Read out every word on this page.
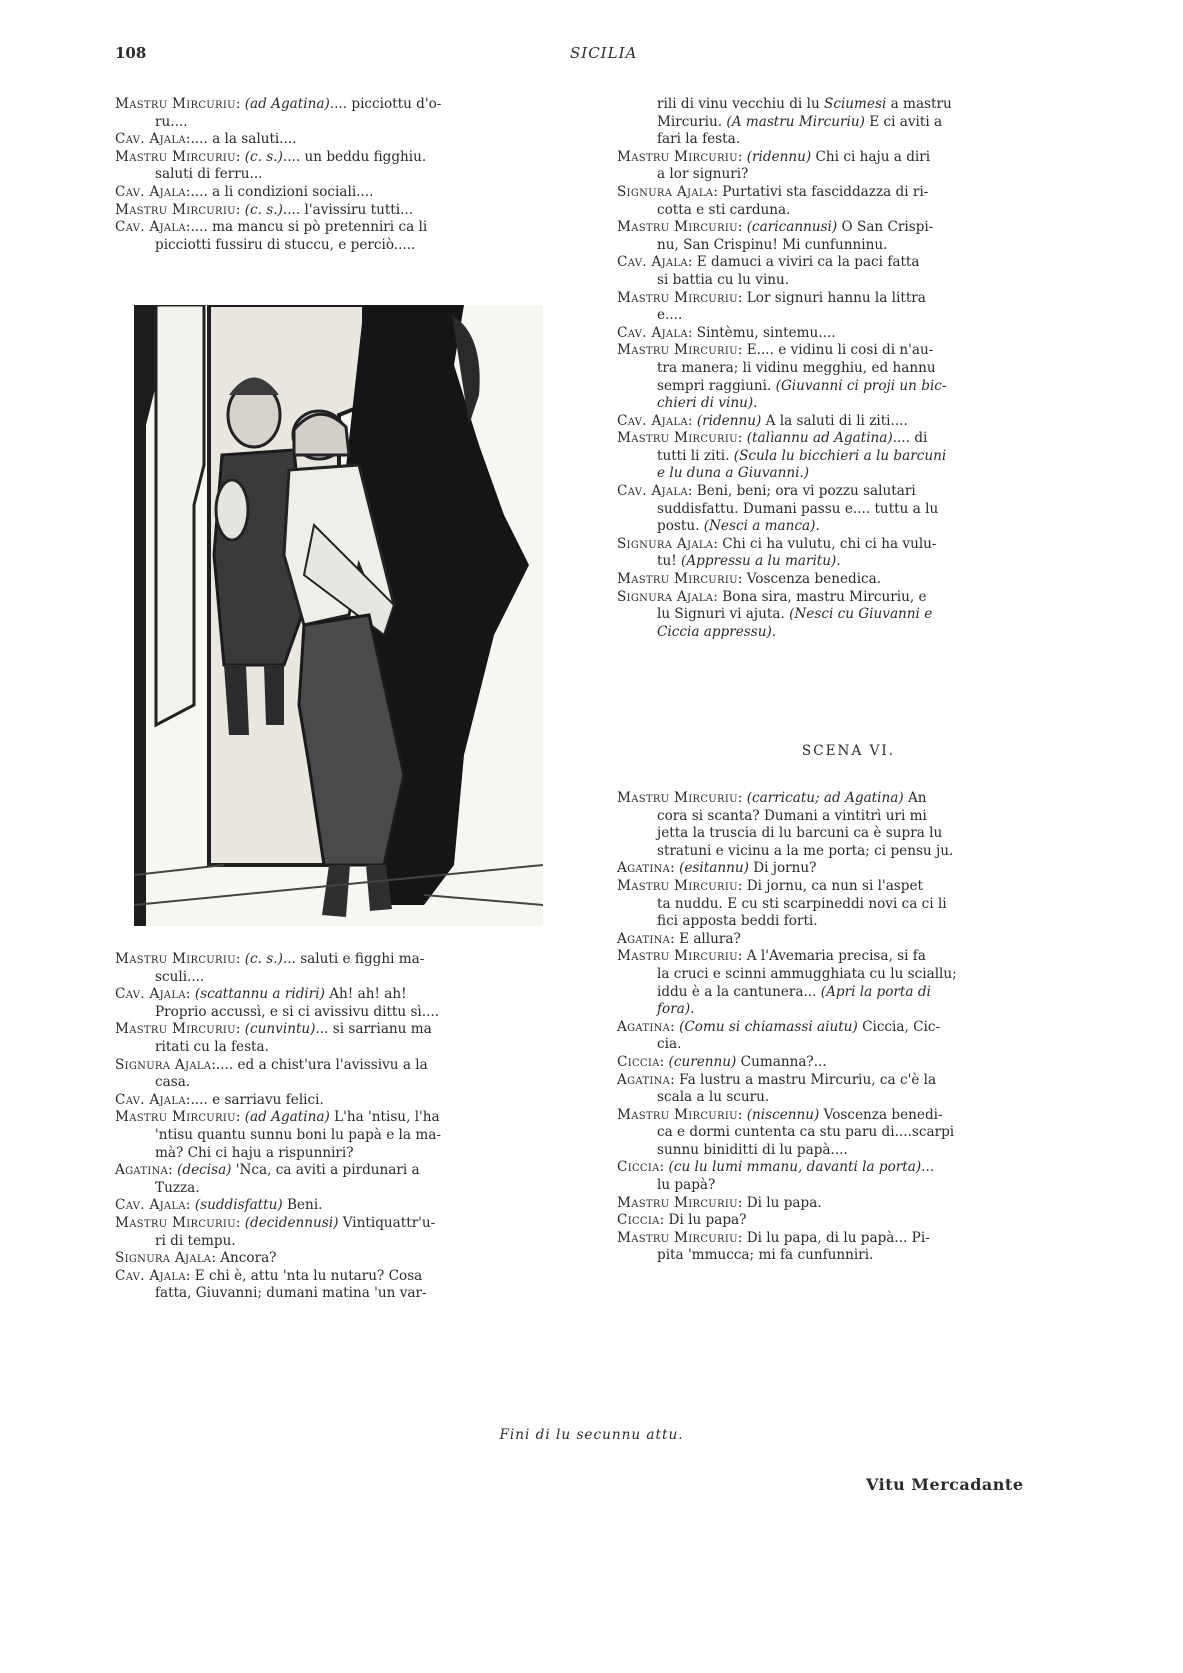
108	SICILIA
Mastru Mircuriu: (ad Agatina).... picciottu d'o-
ru....
Cav. Ajala:.... a la saluti....
Mastru Mircuriu: (c. s.).... un beddu figghiu.
saluti di ferru...
Cav. Ajala:.... a li condizioni sociali....
Mastru Mircuriu: (c. s.).... l'avissiru tutti...
Cav. Ajala:.... ma mancu si pò pretenniri ca li
picciotti fussiru di stuccu, e perciò.....
Mastru Mircuriu: (c. s.)... saluti e figghi ma-
sculi....
Cav. Ajala: (scattannu a ridiri) Ah! ah! ah!
Proprio accussì, e si ci avissivu dittu sì....
Mastru Mircuriu: (cunvintu)... si sarrianu ma
ritati cu la festa.
Signura Ajala:.... ed a chist'ura l'avissivu a la
casa.
Cav. Ajala:.... e sarriavu felici.
Mastru Mircuriu: (ad Agatina) L'ha 'ntisu, l'ha
'ntisu quantu sunnu boni lu papà e la ma-
mà? Chi ci haju a rispunniri?
Agatina: (decisa) 'Nca, ca aviti a pirdunari a
Tuzza.
Cav. Ajala: (suddisfattu) Beni.
Mastru Mircuriu: (decidennusi) Vintiquattr'u-
ri di tempu.
Signura Ajala: Ancora?
Cav. Ajala: E chi è, attu 'nta lu nutaru? Cosa
fatta, Giuvanni; dumani matina 'un var-
rili di vinu vecchiu di lu Sciumesi a mastru
Mircuriu. (A mastru Mircuriu) E ci aviti a
fari la festa.
Mastru Mircuriu: (ridennu) Chi ci haju a diri
a lor signuri?
Signura Ajala: Purtativi sta fasciddazza di ri-
cotta e sti carduna.
Mastru Mircuriu: (caricannusi) O San Crispi-
nu, San Crispinu! Mi cunfunninu.
Cav. Ajala: E damuci a viviri ca la paci fatta
si battia cu lu vinu.
Mastru Mircuriu: Lor signuri hannu la littra
e....
Cav. Ajala: Sintèmu, sintemu....
Mastru Mircuriu: E.... e vidinu li cosi di n'au-
tra manera; li vidinu megghiu, ed hannu
sempri raggiuni. (Giuvanni ci proji un bic-
chieri di vinu).
Cav. Ajala: (ridennu) A la saluti di li ziti....
Mastru Mircuriu: (talìannu ad Agatina).... di
tutti li ziti. (Scula lu bicchieri a lu barcuni
e lu duna a Giuvanni.)
Cav. Ajala: Beni, beni; ora vi pozzu salutari
suddisfattu. Dumani passu e.... tuttu a lu
postu. (Nesci a manca).
Signura Ajala: Chi ci ha vulutu, chi ci ha vulu-
tu! (Appressu a lu maritu).
Mastru Mircuriu: Voscenza benedica.
Signura Ajala: Bona sira, mastru Mircuriu, e
lu Signuri vi ajuta. (Nesci cu Giuvanni e
Ciccia appressu).
SCENA VI.
Mastru Mircuriu: (carricatu; ad Agatina) An
cora si scanta? Dumani a vintitrì uri mi
jetta la truscia di lu barcuni ca è supra lu
stratuni e vicinu a la me porta; ci pensu ju.
Agatina: (esitannu) Di jornu?
Mastru Mircuriu: Di jornu, ca nun si l'aspet
ta nuddu. E cu sti scarpineddi novi ca ci li
fici apposta beddi forti.
Agatina: E allura?
Mastru Mircuriu: A l'Avemaria precisa, si fa
la cruci e scinni ammugghiata cu lu sciallu;
iddu è a la cantunera... (Apri la porta di
fora).
Agatina: (Comu si chiamassi aiutu) Ciccia, Cic-
cia.
Ciccia: (curennu) Cumanna?...
Agatina: Fa lustru a mastru Mircuriu, ca c'è la
scala a lu scuru.
Mastru Mircuriu: (niscennu) Voscenza benedi-
ca e dormi cuntenta ca stu paru di....scarpi
sunnu biniditti di lu papà....
Ciccia: (cu lu lumi mmanu, davanti la porta)...
lu papà?
Mastru Mircuriu: Di lu papa.
Ciccia: Di lu papa?
Mastru Mircuriu: Di lu papa, di lu papà... Pi-
pita 'mmucca; mi fa cunfunniri.
Fini di lu secunnu attu.
Vitu Mercadante
